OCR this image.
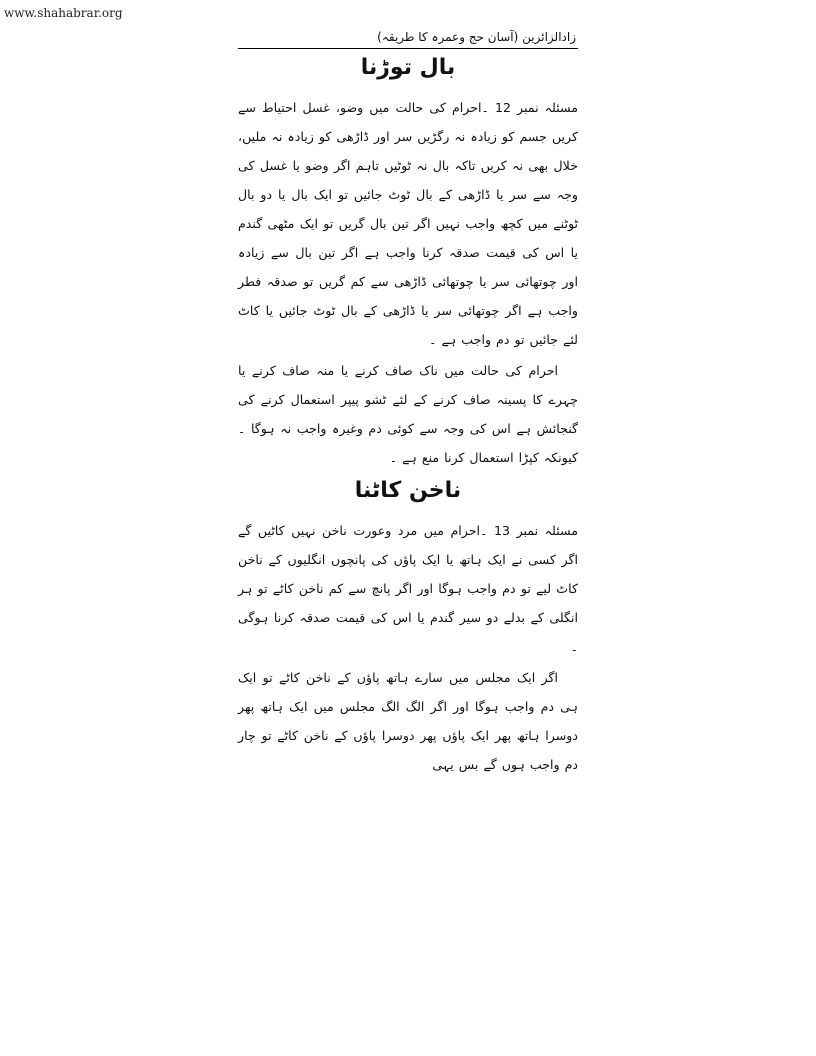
www.shahabrar.org
زادالزائرین (آسان حج وعمرہ کا طریقہ)
بال توڑنا

مسئلہ نمبر 12 ۔احرام کی حالت میں وضو، غسل احتیاط سے کریں جسم کو زیادہ نہ رگڑیں سر اور ڈاڑھی کو زیادہ نہ ملیں، خلال بھی نہ کریں تاکہ بال نہ ٹوٹیں تاہم اگر وضو یا غسل کی وجہ سے سر یا ڈاڑھی کے بال ٹوٹ جائیں تو ایک بال یا دو بال ٹوٹنے میں کچھ واجب نہیں اگر تین بال گریں تو ایک مٹھی گندم یا اس کی قیمت صدقہ کرنا واجب ہے اگر تین بال سے زیادہ اور چوتھائی سر یا چوتھائی ڈاڑھی سے کم گریں تو صدقہ فطر واجب ہے اگر چوتھائی سر یا ڈاڑھی کے بال ٹوٹ جائیں یا کاٹ لئے جائیں تو دم واجب ہے ۔

احرام کی حالت میں ناک صاف کرنے یا منہ صاف کرنے یا چہرے کا پسینہ صاف کرنے کے لئے ٹشو پیپر استعمال کرنے کی گنجائش ہے اس کی وجہ سے کوئی دم وغیرہ واجب نہ ہوگا ۔کیونکہ کپڑا استعمال کرنا منع ہے ۔

ناخن کاٹنا

مسئلہ نمبر 13 ۔احرام میں مرد وعورت ناخن نہیں کاٹیں گے اگر کسی نے ایک ہاتھ یا ایک پاؤں کی پانچوں انگلیوں کے ناخن کاٹ لیے تو دم واجب ہوگا اور اگر پانچ سے کم ناخن کاٹے تو ہر انگلی کے بدلے دو سیر گندم یا اس کی قیمت صدقہ کرنا ہوگی ۔

اگر ایک مجلس میں سارے ہاتھ پاؤں کے ناخن کاٹے تو ایک ہی دم واجب ہوگا اور اگر الگ الگ مجلس میں ایک ہاتھ پھر دوسرا ہاتھ پھر ایک پاؤں پھر دوسرا پاؤں کے ناخن کاٹے تو چار دم واجب ہوں گے بس یہی
